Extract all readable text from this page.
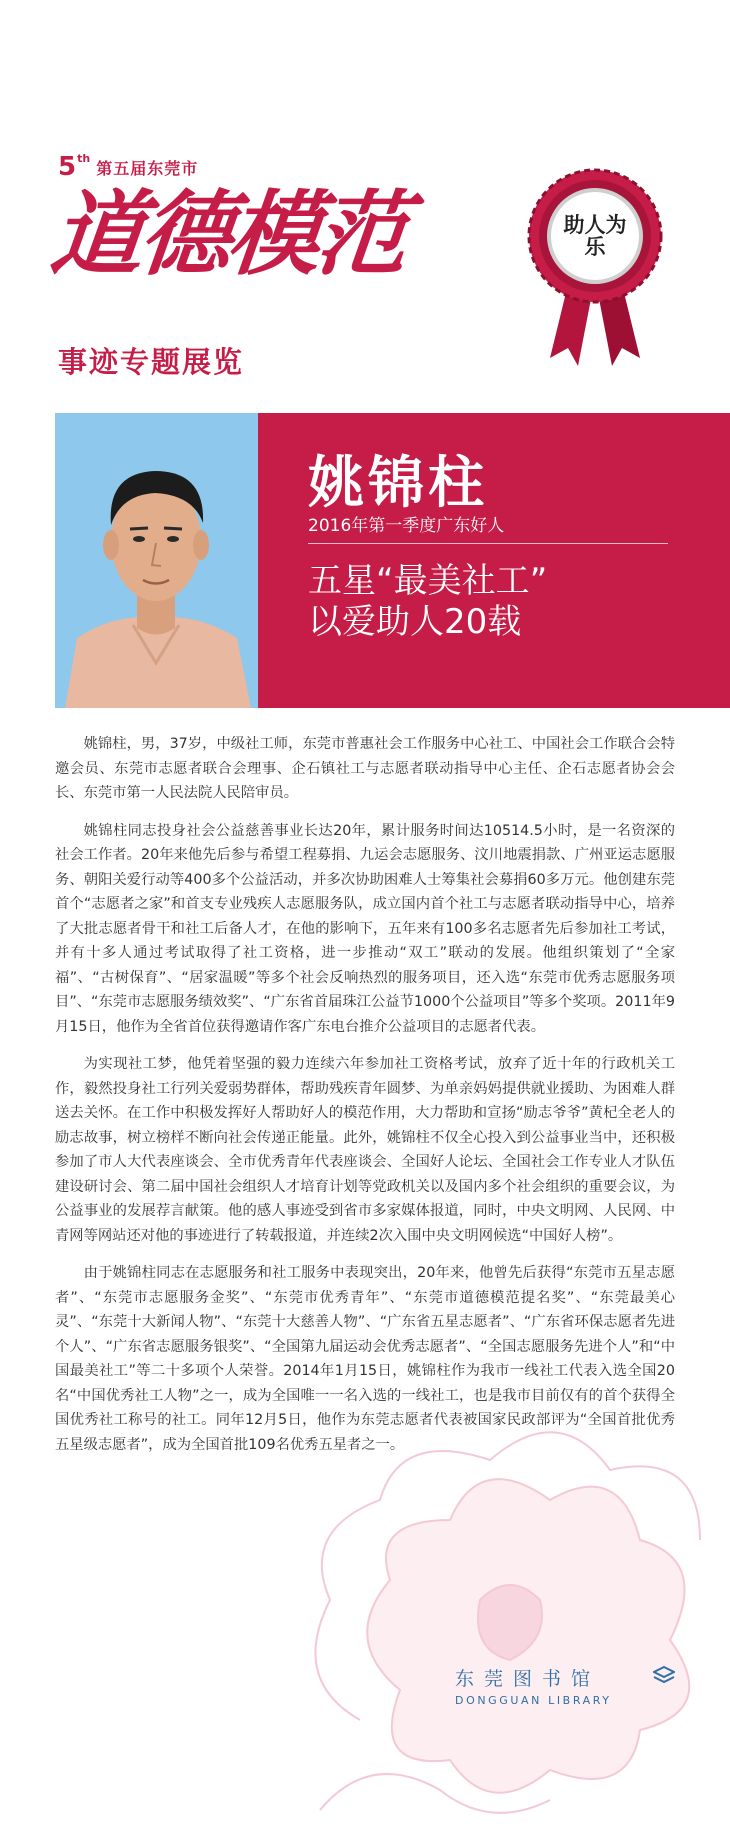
5 th
第五届东莞市
道德模范
事迹专题展览
助人为乐
姚锦柱
2016年第一季度广东好人
五星“最美社工”
以爱助人20载

姚锦柱，男，37岁，中级社工师，东莞市普惠社会工作服务中心社工、中国社会工作联合会特邀会员、东莞市志愿者联合会理事、企石镇社工与志愿者联动指导中心主任、企石志愿者协会会长、东莞市第一人民法院人民陪审员。

姚锦柱同志投身社会公益慈善事业长达20年，累计服务时间达10514.5小时，是一名资深的社会工作者。20年来他先后参与希望工程募捐、九运会志愿服务、汶川地震捐款、广州亚运志愿服务、朝阳关爱行动等400多个公益活动，并多次协助困难人士筹集社会募捐60多万元。他创建东莞首个“志愿者之家”和首支专业残疾人志愿服务队，成立国内首个社工与志愿者联动指导中心，培养了大批志愿者骨干和社工后备人才，在他的影响下，五年来有100多名志愿者先后参加社工考试，并有十多人通过考试取得了社工资格，进一步推动“双工”联动的发展。他组织策划了“全家福”、“古树保育”、“居家温暖”等多个社会反响热烈的服务项目，还入选“东莞市优秀志愿服务项目”、“东莞市志愿服务绩效奖”、“广东省首届珠江公益节1000个公益项目”等多个奖项。2011年9月15日，他作为全省首位获得邀请作客广东电台推介公益项目的志愿者代表。

为实现社工梦，他凭着坚强的毅力连续六年参加社工资格考试，放弃了近十年的行政机关工作，毅然投身社工行列关爱弱势群体，帮助残疾青年圆梦、为单亲妈妈提供就业援助、为困难人群送去关怀。在工作中积极发挥好人帮助好人的模范作用，大力帮助和宣扬“励志爷爷”黄杞全老人的励志故事，树立榜样不断向社会传递正能量。此外，姚锦柱不仅全心投入到公益事业当中，还积极参加了市人大代表座谈会、全市优秀青年代表座谈会、全国好人论坛、全国社会工作专业人才队伍建设研讨会、第二届中国社会组织人才培育计划等党政机关以及国内多个社会组织的重要会议，为公益事业的发展荐言献策。他的感人事迹受到省市多家媒体报道，同时，中央文明网、人民网、中青网等网站还对他的事迹进行了转载报道，并连续2次入围中央文明网候选“中国好人榜”。

由于姚锦柱同志在志愿服务和社工服务中表现突出，20年来，他曾先后获得“东莞市五星志愿者”、“东莞市志愿服务金奖”、“东莞市优秀青年”、“东莞市道德模范提名奖”、“东莞最美心灵”、“东莞十大新闻人物”、“东莞十大慈善人物”、“广东省五星志愿者”、“广东省环保志愿者先进个人”、“广东省志愿服务银奖”、“全国第九届运动会优秀志愿者”、“全国志愿服务先进个人”和“中国最美社工”等二十多项个人荣誉。2014年1月15日，姚锦柱作为我市一线社工代表入选全国20名“中国优秀社工人物”之一，成为全国唯一一名入选的一线社工，也是我市目前仅有的首个获得全国优秀社工称号的社工。同年12月5日，他作为东莞志愿者代表被国家民政部评为“全国首批优秀五星级志愿者”，成为全国首批109名优秀五星者之一。

东莞图书馆
DONGGUAN LIBRARY
